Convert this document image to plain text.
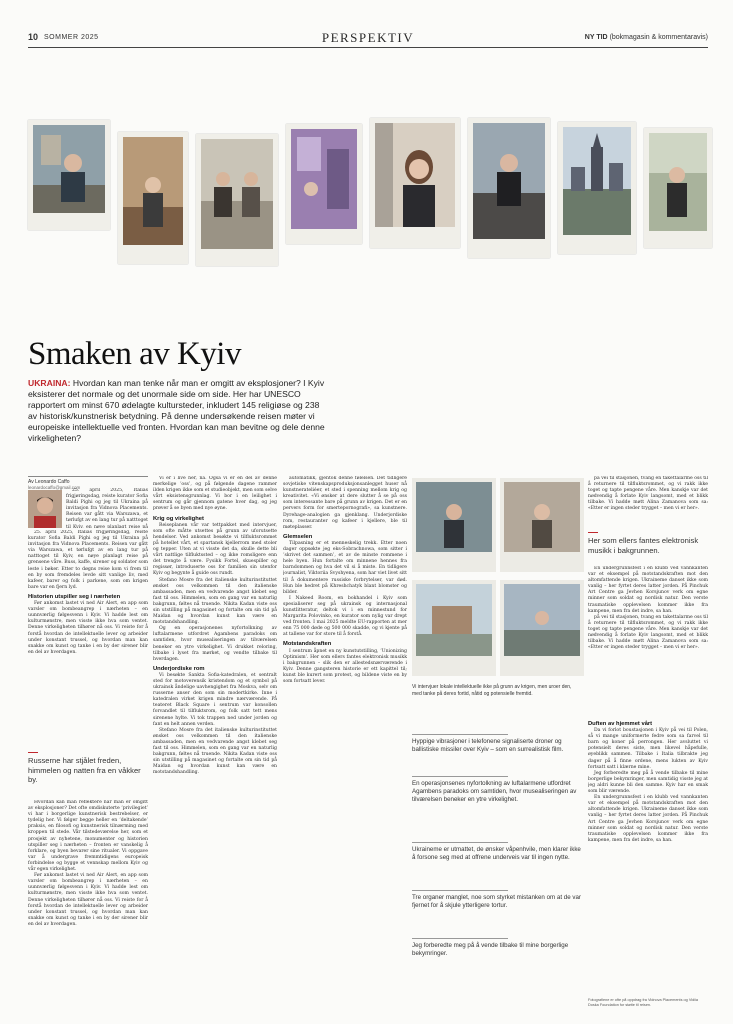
10 SOMMER 2025	PERSPEKTIV	NY TID (bokmagasin & kommentaravis)
Smaken av Kyiv
UKRAINA: Hvordan kan man tenke når man er omgitt av eksplosjoner? I Kyiv eksisterer det normale og det unormale side om side. Her har UNESCO rapportert om minst 670 ødelagte kultursteder, inkludert 145 religiøse og 238 av historisk/kunstnerisk betydning. På denne undersøkende reisen møter vi europeiske intellektuelle ved fronten. Hvordan kan man bevitne og dele denne virkeligheten?
Av Leonardo Caffo
leonardocaffo@gmail.com

25. april 2025, Italias frigjøringsdag, reiste kurator Sofia Baldi Pighi og jeg til Ukraina på invitasjon fra Vidnova Placements. Reisen var gått via Warszawa, et tørlufgt av en lang tur på natttoget til Kyiv, en nøye planlagt reise på

25. april 2025, Italias frigjøringsdag, reiste kurator Sofia Baldi Pighi og jeg til Ukraina på invitasjon fra Vidnova Placements. Reisen var gått via Warszawa, et tørlufgt av en lang tur på natttoget til Kyiv, en nøye planlagt reise på grensene våre. Buss, kaffe, sirener og soldater som leste i bøker. Etter to døgns reise kom vi frem til en by som fremdeles levde sitt vanlige liv, med kafeer, barer og folk i parkene, som om krigen bare var en fjern lyd.

Historien utspiller seg i nærheten

Før ankomst lastet vi ned Air Alert, en app som varsler om bombeangrep i nærheten – en uunnværlig følgesvenn i Kyiv. Vi hadde lest om kulturmønstre, men visste ikke hva som ventet. Denne virkeligheten tilhører nå oss. Vi reiste for å forstå hvordan de intellektuelle lever og arbeider under konstant trussel, og hvordan man kan snakke om kunst og tanke i en by der sirener blir en del av hverdagen.

Russerne har stjålet freden, himmelen og natten fra en våkker by.

Hvordan kan man reflektere når man er omgitt av eksplosjoner? Det ofte omdiskuterte ‘privilegiet’ vi har i borgerlige kunstnerisk bestrebelser, er tydelig her. Vi følger begge heller en ‘deltakende’ praksis, en filosofi og kunstnerisk tilnærming med kroppen til stede. Vår tilstedeværelse her, som et prosjekt av nyhetene, monumenter og historien utspiller seg i nærheten – fronten er vanskelig å forklare, og byen bevarer sine ritualer. Vi oppgave var å undergrave fremmtidigens europeisk forbindelse og bygge et vennskap mellom Kyiv og vår egen virkelighet.

Før ankomst lastet vi ned Air Alert, en app som varsler om bombeangrep i nærheten – en uunnværlig følgesvenn i Kyiv. Vi hadde lest om kulturmønstre, men visste ikke hva som ventet. Denne virkeligheten tilhører nå oss. Vi reiste for å forstå hvordan de intellektuelle lever og arbeider under konstant trussel, og hvordan man kan snakke om kunst og tanke i en by der sirener blir en del av hverdagen.

Vi er i live her, nå. Også vi er en del av denne merkelige ‘oss’, og på følgende dagene rammer ilden krigen ikke som et studieobjekt, men som selve vårt eksistensgrunnlag. Vi bor i en leilighet i sentrum og går gjennom gatene hver dag, og jeg prøver å se byen med nye øyne.

Krig og virkelighet

Reiseplanen vår var tettpakket med intervjuer, som ofte måtte utsettes på grunn av uforutsette hendelser. Ved ankomst besøkte vi tilfluktsrommet på hotellet vårt, et spartansk kjellerrom med stoler og tepper. Uten at vi visste det da, skulle dette bli vårt nattlige tilfluktssted – og ikke romsligere enn det trengte å være. Fysikk Fortel, skuespiller og regissør, introduserte oss for familien sin utenfor Kyiv og begynte å guide oss rundt.

Stefano Mosre fra det italienske kulturinstituttet ønsket oss velkommen til den italienske ambassaden, men en vedvarende angst klebet seg fast til oss. Himmelen, som en gang var en naturlig bakgrunn, føltes nå truende. Nikita Kadan viste oss sin utstilling på magasinet og fortalte om sin tid på Maidan og hvordan kunst kan være en motstandshandling.

Og en operasjonenes nyfortolkning av luftalarmene utfordret Agambens paradoks om samtiden, hvor musealiseringen av tilværelsen beneker en ytre virkelighet. Vi drukket reloring, tilbake i lyset fra mørket, og vendte tilbake til hverdagen.

Underjordiske rom

Vi besøkte Sankta Sofia-katedralen, et sentralt sted for motoverensik kristendom og et symbol på ukrainsk åndelige uavhengighet fra Moskva, selv om russerne anser den som sin modertkirke. Inne i katedralen virket krigen mindre nærværende. På teateret Black Square i sentrum var konsollen forvandlet til tilfluktsrom, og folk satt tett mens sirenene hylte. Vi tok trappen ned under jorden og fant en helt annen verden.

Stefano Mosre fra det italienske kulturinstituttet ønsket oss velkommen til den italienske ambassaden, men en vedvarende angst klebet seg fast til oss. Himmelen, som en gang var en naturlig bakgrunn, føltes nå truende. Nikita Kadan viste oss sin utstilling på magasinet og fortalte om sin tid på Maidan og hvordan kunst kan være en motstandshandling.

automatikk, gjentok denne følelsen. Det tidligere sovjetiske vitenskapsproduksjonsanlegget huser nå kunstnerateliéer, et sted i spenning mellom krig og kreativitet. «Vi ønsker at dere slutter å se på oss som interessante bare på grunn av krigen. Det er en pervers form for smertepornografi», sa kunstnere. Dyrehage-analogien ga gjenklang. Underjordiske rom, restauranter og kafeer i kjellere, ble til møteplasser.

Glemselen

Tilpasning er et menneskelig trekk. Etter noen dager oppsøkte jeg eks-Sobrachnowa, som sitter i ‘skrivet det sammen’, et av de minste rommene i hele byen. Hun fortalte om minnene hennes fra barndommen og hva det vil si å miste. En tidligere journalist, Viktoriia Svyshyena, som har viet livet sitt til å dokumentere russiske forbrytelser, var død. Hun ble hedret på Khreshchatyk blant blomster og bilder.

I Nakeed Room, en bokhandel i Kyiv som spesialiserer seg på ukrainsk og internasjonal kunstlitteratur, deltok vi i en minnestund for Margarita Polovinko, en kurator som nylig var drept ved fronten. I mai 2025 meldte EU-rapporten at mer enn 75 000 døde og 500 000 skadde, og vi kjente på at tallene var for store til å forstå.

Motstandskraften

I sentrum åpnet en ny kunstutstilling, ‘Unionizing Optimism’. Her som ellers fantes elektronisk musikk i bakgrunnen – slik den er allestedsnærværende i Kyiv. Denne gangsteren historie er ett kapittel til; kunst ble kurert som protest, og bildene viste en by som fortsatt lever.

Vi intervjuer lokale intellektuelle ikke på grunn av krigen, men uroer den, med tanke på deres fortid, nåtid og potensielle fremtid.
Hyppige vibrasjoner i telefonene signaliserte droner og ballistiske missiler over Kyiv – som en surrealistisk film.
En operasjonsenes nyfortolkning av luftalarmene utfordret Agambens paradoks om samtiden, hvor musealiseringen av tilværelsen beneker en ytre virkelighet.
Ukraineme er utmattet, de ønsker våpenhvile, men klarer ikke å forsone seg med at offrene underveis var til ingen nytte.
Tre organer manglet, noe som styrket mistanken om at de var fjernet for å skjule ytterligere tortur.
Jeg forberedte meg på å vende tilbake til mine borgerlige bekymringer.

på vei til stasjonen, tvang en takettalarme oss til å returnere til tilfluktsrommet, og vi rakk ikke toget og tapte pengene våre. Men kanskje var det nødvendig å forlate Kyiv langsomt, med et blikk tilbake. Vi hadde møtt Alina Zamanova som sa: «Etter er ingen steder trygget – men vi er her».

Her som ellers fantes elektronisk musikk i bakgrunnen.

En undergrunnsfest i en klubb ved vannkanten var et eksempel på motstandskraften mot den altomfattende krigen. Ukraineme danset ikke som vanlig – her fyrtet deres latter jorden. På Pinchuk Art Centre ga Jevhen Korsjunov verk om egne minner som soldat og nordisk natur. Den verste traumatiske opplevelsen kommer ikke fra kampene, men fra det indre, sa han.

på vei til stasjonen, tvang en takettalarme oss til å returnere til tilfluktsrommet, og vi rakk ikke toget og tapte pengene våre. Men kanskje var det nødvendig å forlate Kyiv langsomt, med et blikk tilbake. Vi hadde møtt Alina Zamanova som sa: «Etter er ingen steder trygget – men vi er her».

Duften av hjemmet vårt

Da vi forlot boustasjonen i Kyiv på vei til Polen, så vi mange uniformerte fedre som sa farvel til barn og koner på perrongen. Her avsluttet vi potensielt deres siste, men likevel håpefulle, øyeblikk sammen. Tilbake i Italia tilbrakte jeg dager på å finne ordene, mens lukten av Kyiv fortsatt satt i klærne mine.

Jeg forberedte meg på å vende tilbake til mine borgerlige bekymringer, men samtidig visste jeg at jeg aldri kunne bli den samme. Kyiv har en smak som blir værende.

En undergrunnsfest i en klubb ved vannkanten var et eksempel på motstandskraften mot den altomfattende krigen. Ukraineme danset ikke som vanlig – her fyrtet deres latter jorden. På Pinchuk Art Centre ga Jevhen Korsjunov verk om egne minner som soldat og nordisk natur. Den verste traumatiske opplevelsen kommer ikke fra kampene, men fra det indre, sa han.

Fotografiene er ofte på oppdrag fra Vidnova Placements og Vidiia Doska Foundation for støtte til reisen.
